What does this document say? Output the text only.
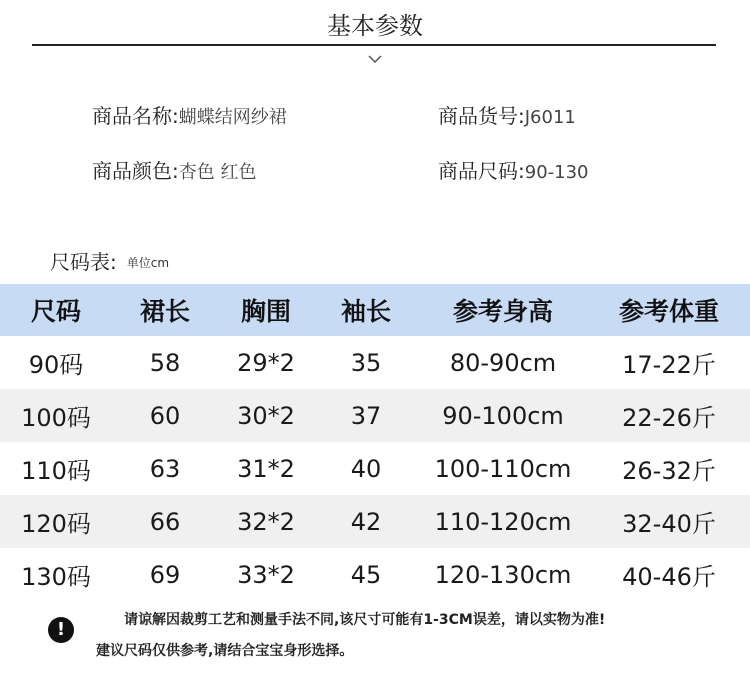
基本参数
商品名称:蝴蝶结网纱裙	商品货号:J6011
商品颜色:杏色 红色	商品尺码:90-130
尺码表: 单位cm
尺码	裙长	胸围	袖长	参考身高	参考体重
90码	58	29*2	35	80-90cm	17-22斤
100码	60	30*2	37	90-100cm	22-26斤
110码	63	31*2	40	100-110cm	26-32斤
120码	66	32*2	42	110-120cm	32-40斤
130码	69	33*2	45	120-130cm	40-46斤
!	请谅解因裁剪工艺和测量手法不同,该尺寸可能有1-3CM误差，请以实物为准!
建议尺码仅供参考,请结合宝宝身形选择。
